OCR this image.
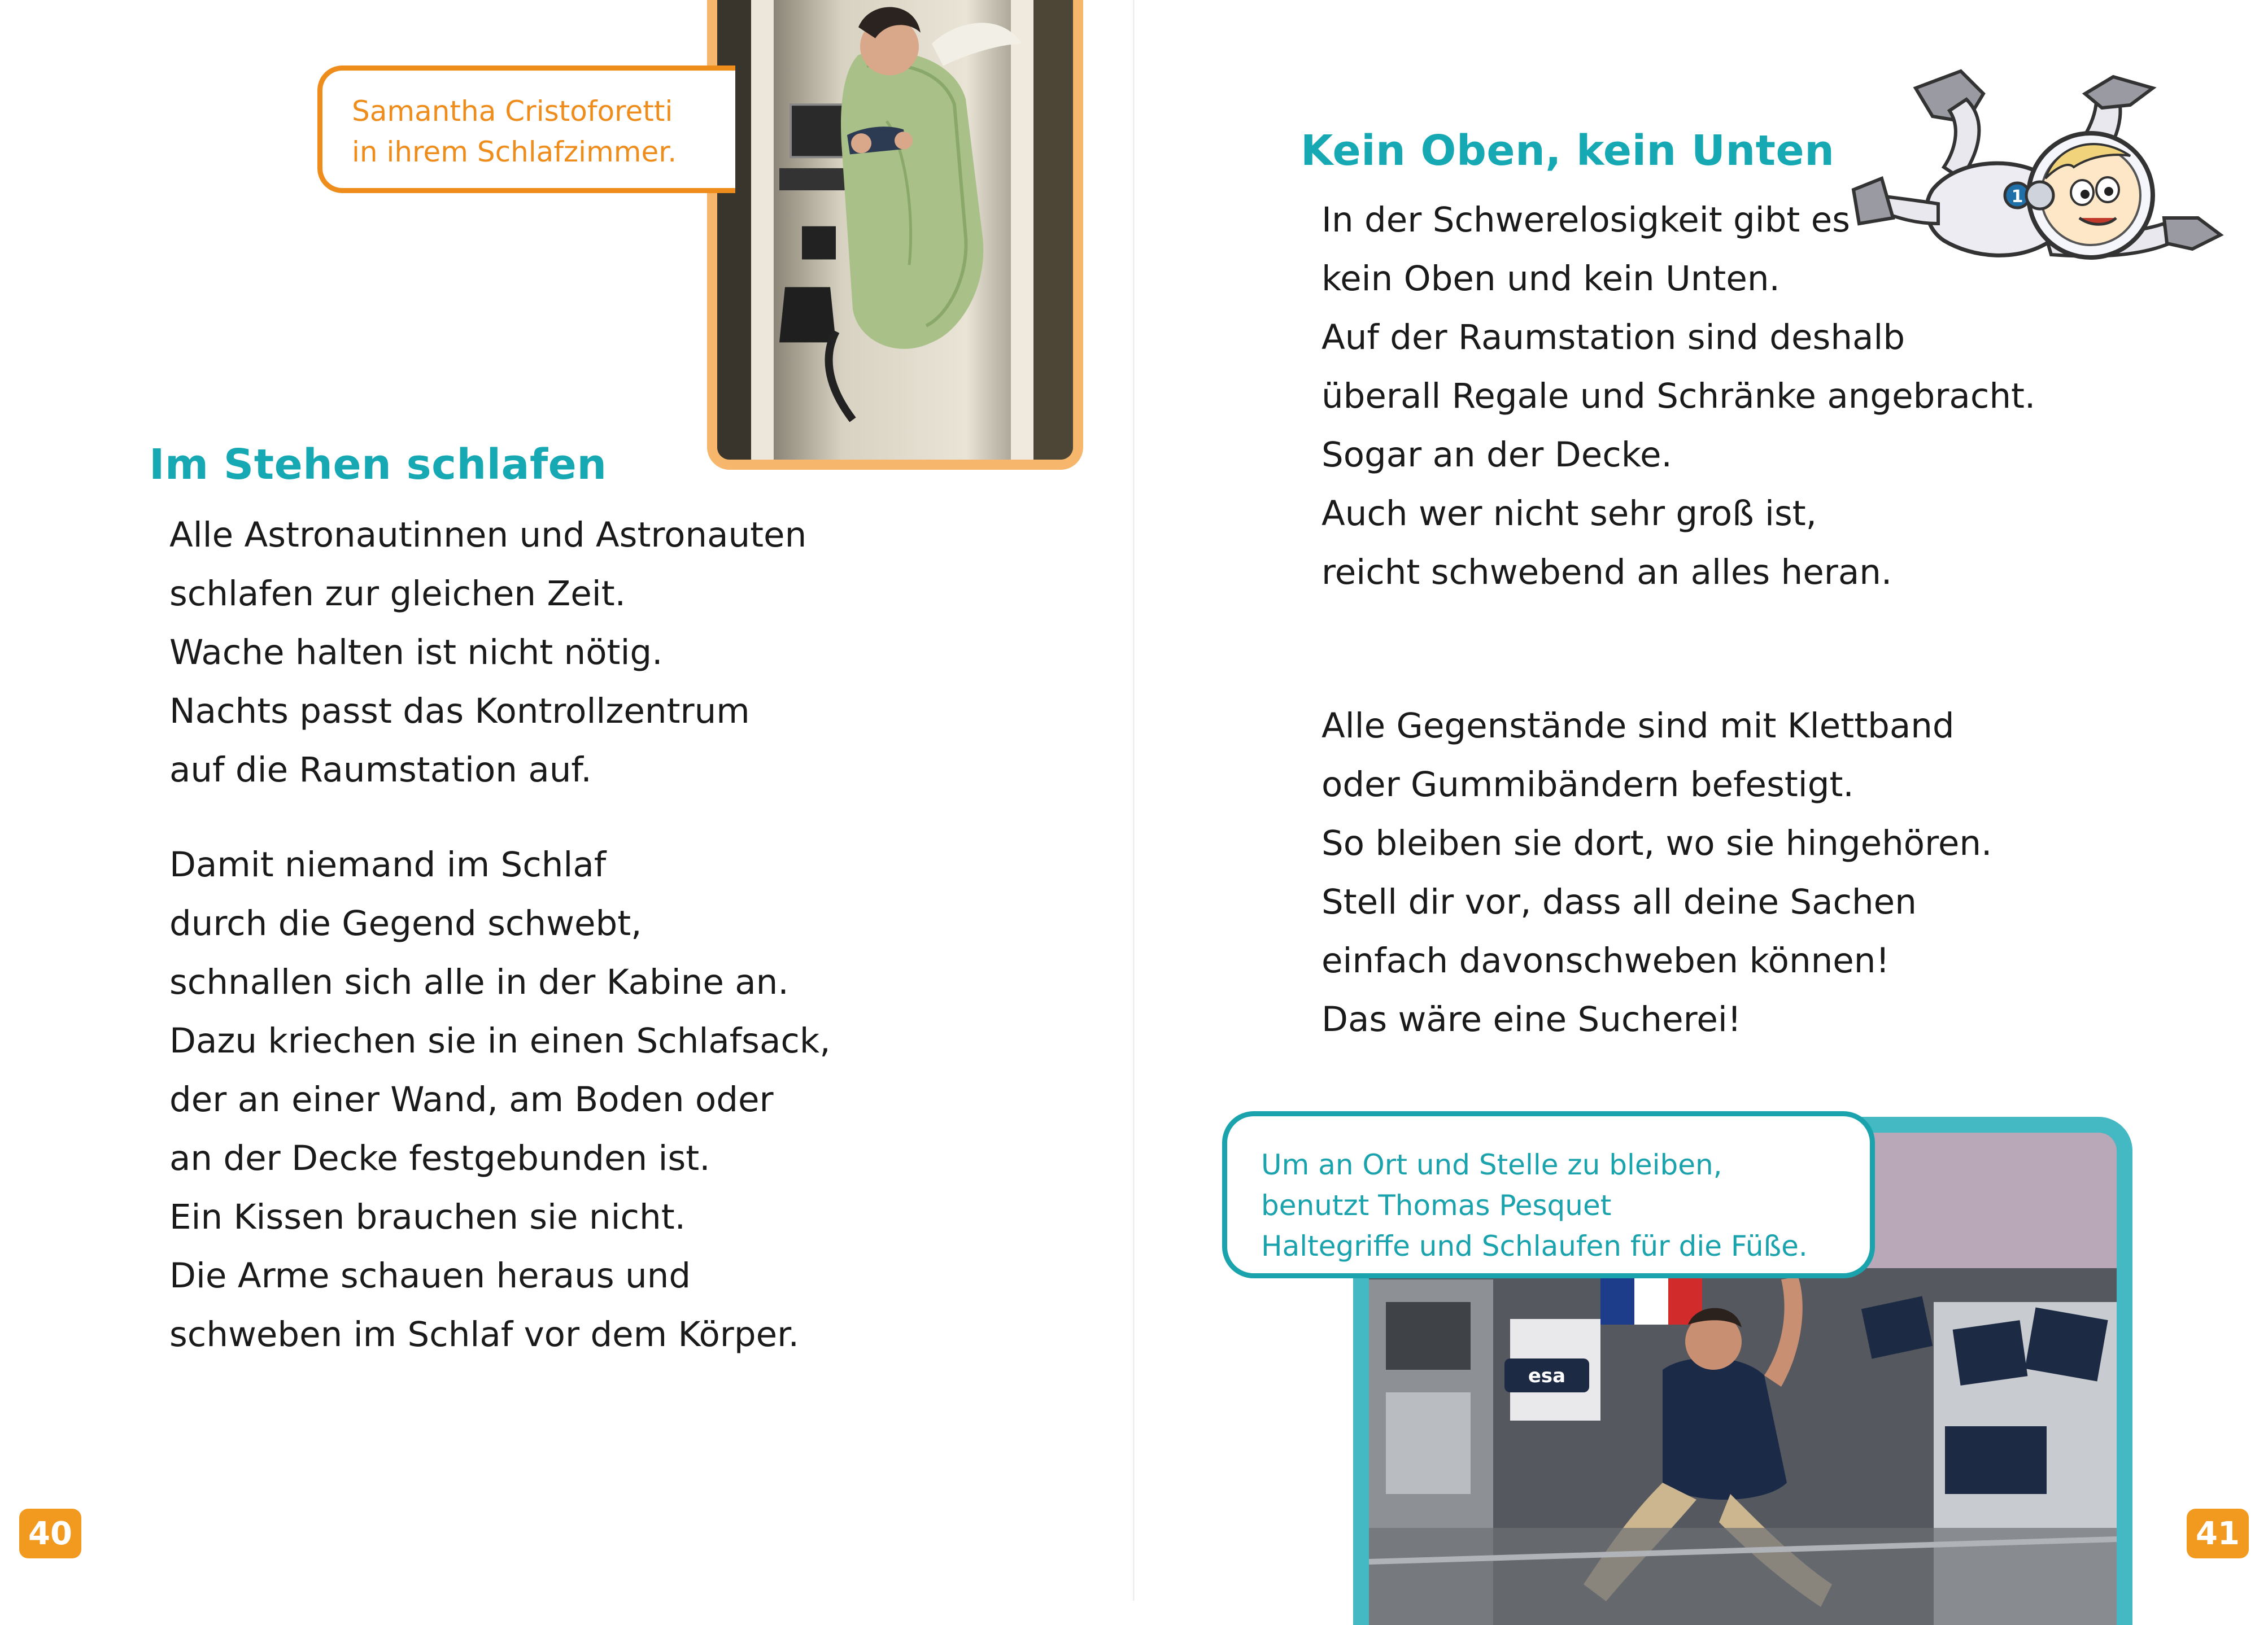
Samantha Cristoforetti
in ihrem Schlafzimmer.
Im Stehen schlafen

Alle Astronautinnen und Astronauten
schlafen zur gleichen Zeit.
Wache halten ist nicht nötig.
Nachts passt das Kontrollzentrum
auf die Raumstation auf.

Damit niemand im Schlaf
durch die Gegend schwebt,
schnallen sich alle in der Kabine an.
Dazu kriechen sie in einen Schlafsack,
der an einer Wand, am Boden oder
an der Decke festgebunden ist.
Ein Kissen brauchen sie nicht.
Die Arme schauen heraus und
schweben im Schlaf vor dem Körper.

40
Kein Oben, kein Unten
1

In der Schwerelosigkeit gibt es
kein Oben und kein Unten.
Auf der Raumstation sind deshalb
überall Regale und Schränke angebracht.
Sogar an der Decke.
Auch wer nicht sehr groß ist,
reicht schwebend an alles heran.

Alle Gegenstände sind mit Klettband
oder Gummibändern befestigt.
So bleiben sie dort, wo sie hingehören.
Stell dir vor, dass all deine Sachen
einfach davonschweben können!
Das wäre eine Sucherei!

esa
Um an Ort und Stelle zu bleiben,
benutzt Thomas Pesquet
Haltegriffe und Schlaufen für die Füße.
41
